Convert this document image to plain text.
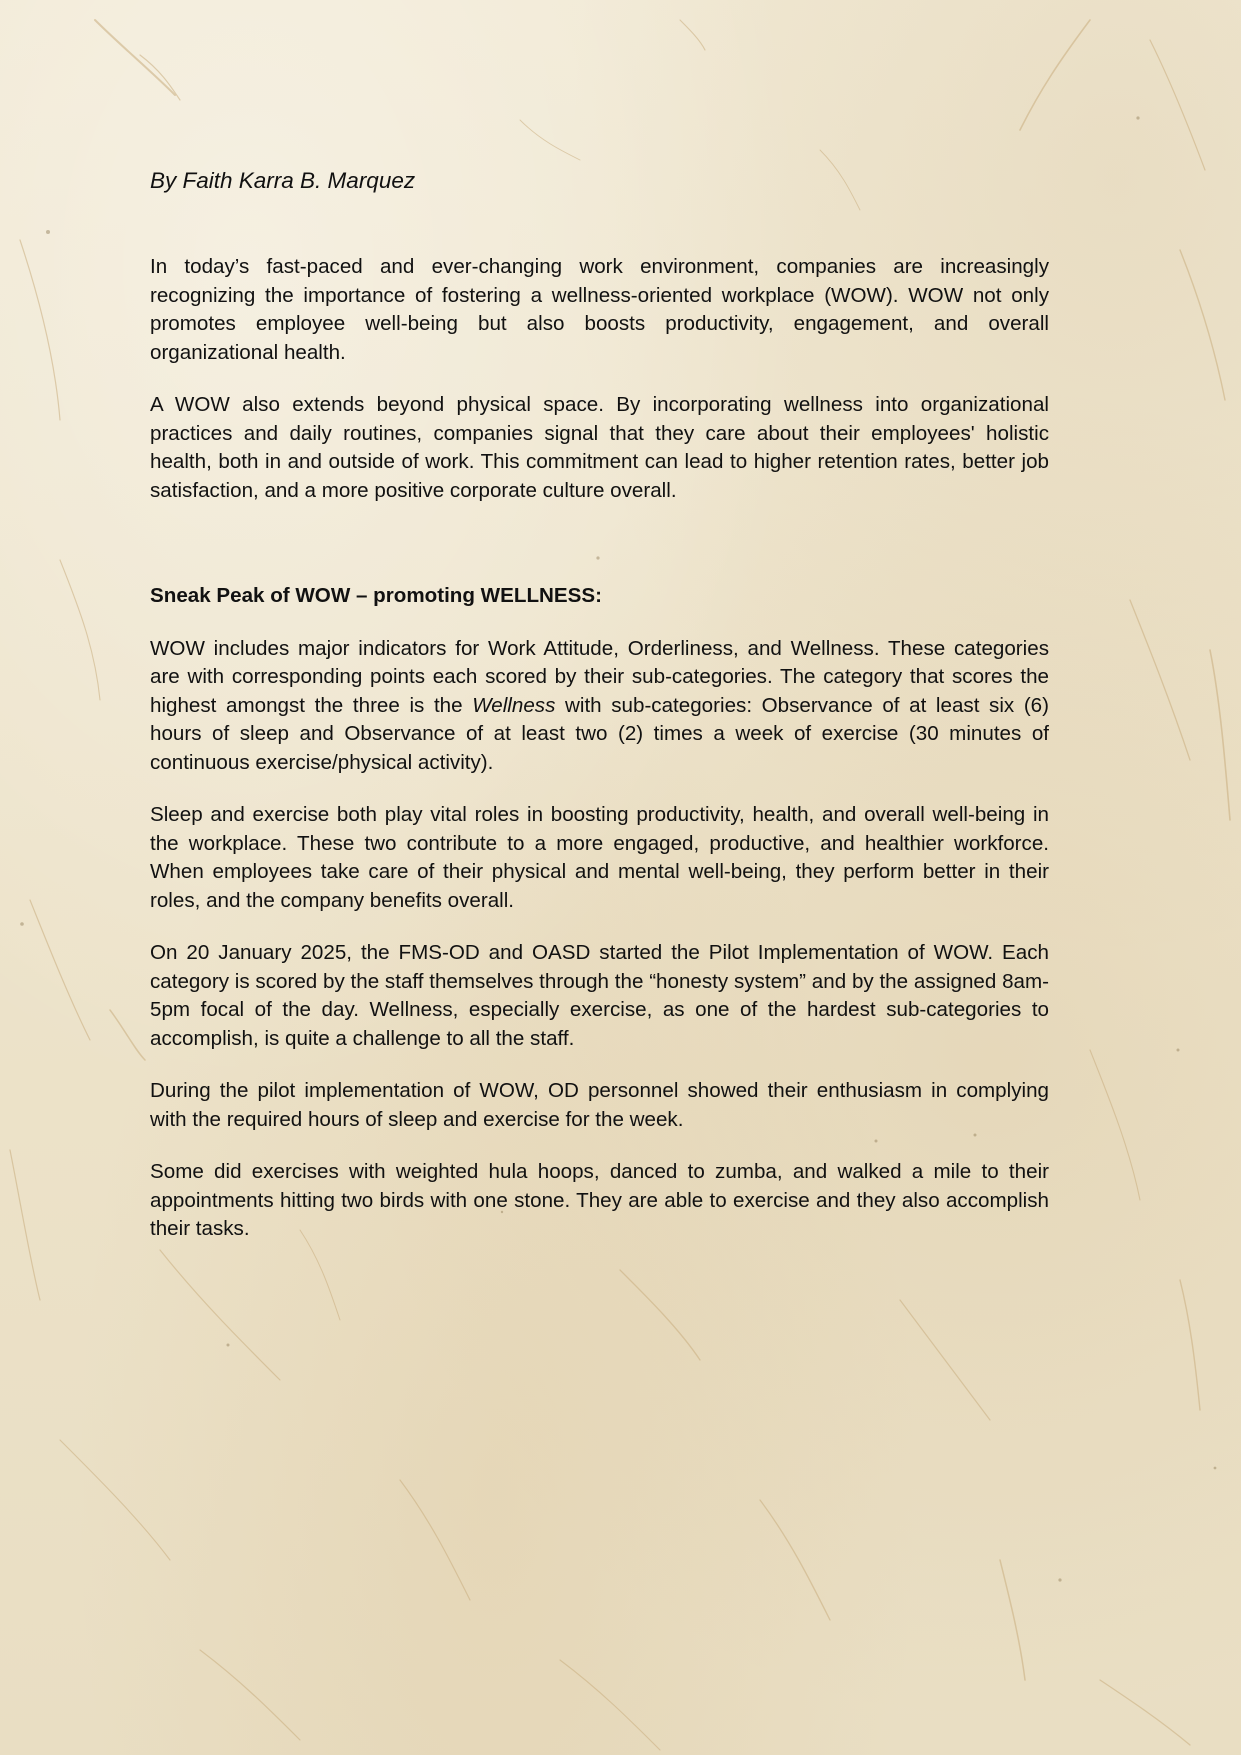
By Faith Karra B. Marquez

In today’s fast-paced and ever-changing work environment, companies are increasingly recognizing the importance of fostering a wellness-oriented workplace (WOW). WOW not only promotes employee well-being but also boosts productivity, engagement, and overall organizational health.

A WOW also extends beyond physical space. By incorporating wellness into organizational practices and daily routines, companies signal that they care about their employees' holistic health, both in and outside of work. This commitment can lead to higher retention rates, better job satisfaction, and a more positive corporate culture overall.

Sneak Peak of WOW – promoting WELLNESS:

WOW includes major indicators for Work Attitude, Orderliness, and Wellness. These categories are with corresponding points each scored by their sub-categories. The category that scores the highest amongst the three is the Wellness with sub-categories: Observance of at least six (6) hours of sleep and Observance of at least two (2) times a week of exercise (30 minutes of continuous exercise/physical activity).

Sleep and exercise both play vital roles in boosting productivity, health, and overall well-being in the workplace. These two contribute to a more engaged, productive, and healthier workforce. When employees take care of their physical and mental well-being, they perform better in their roles, and the company benefits overall.

On 20 January 2025, the FMS-OD and OASD started the Pilot Implementation of WOW. Each category is scored by the staff themselves through the “honesty system” and by the assigned 8am-5pm focal of the day. Wellness, especially exercise, as one of the hardest sub-categories to accomplish, is quite a challenge to all the staff.

During the pilot implementation of WOW, OD personnel showed their enthusiasm in complying with the required hours of sleep and exercise for the week.

Some did exercises with weighted hula hoops, danced to zumba, and walked a mile to their appointments hitting two birds with one stone. They are able to exercise and they also accomplish their tasks.
